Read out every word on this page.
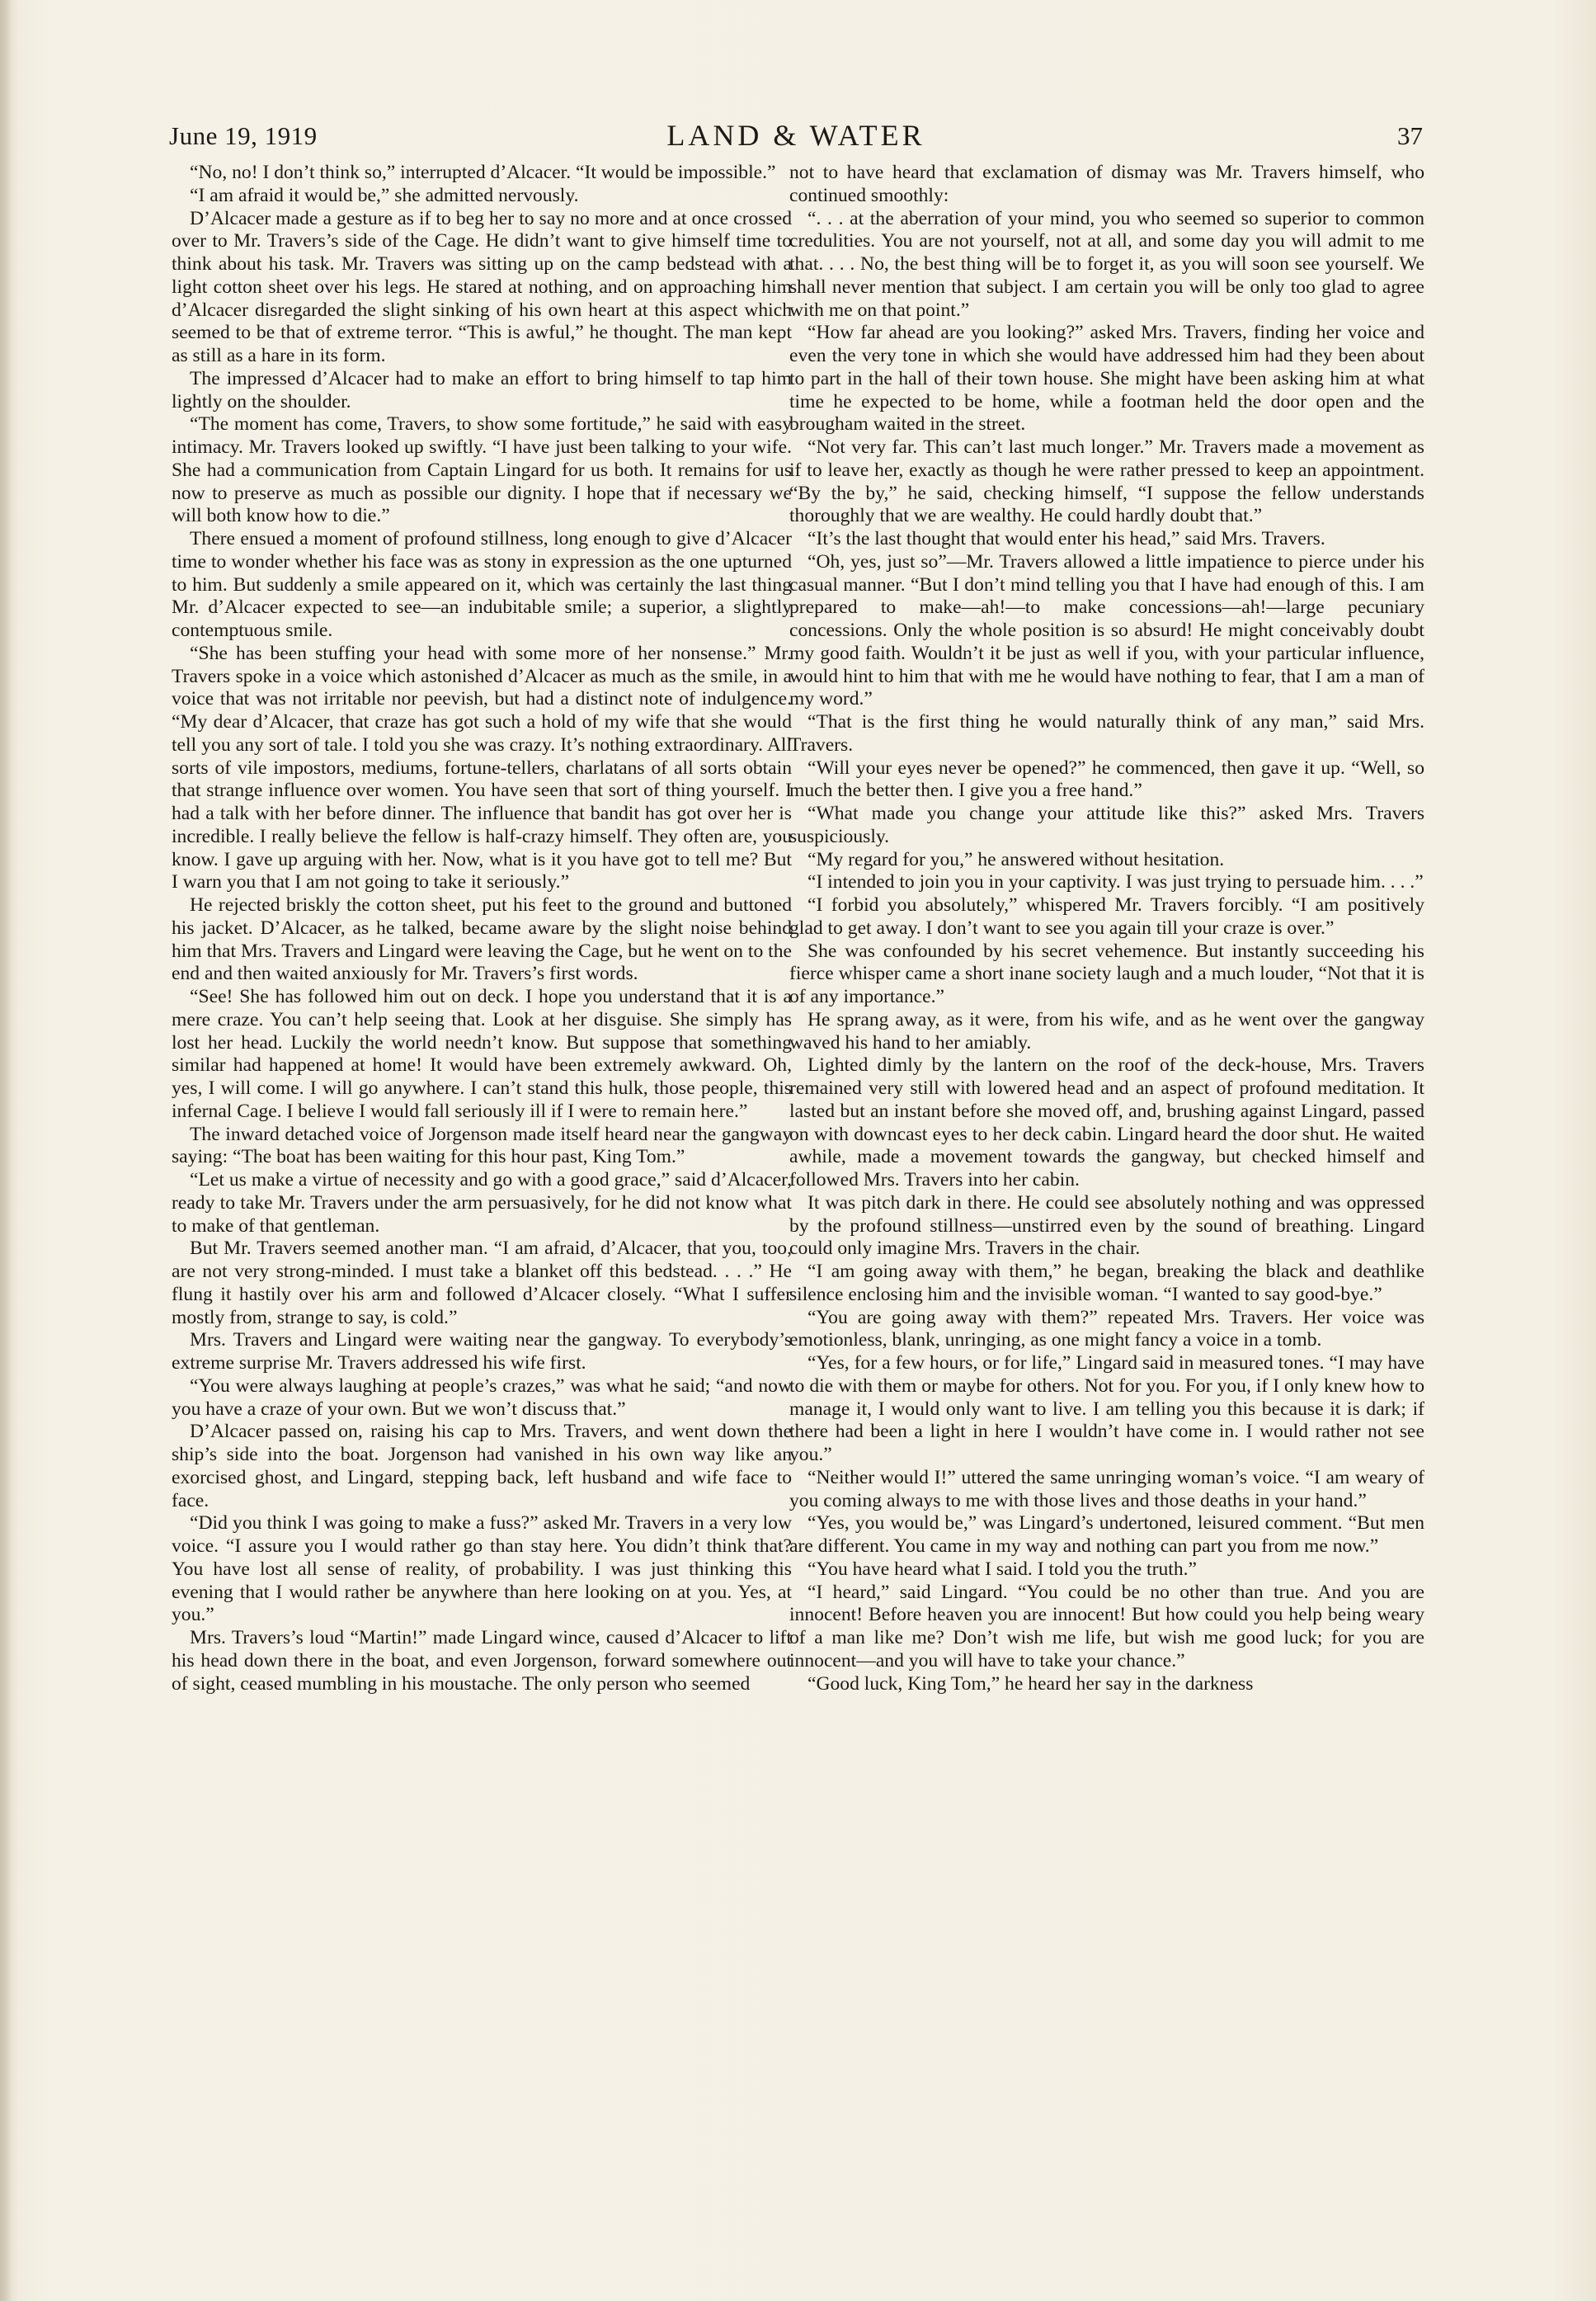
June 19, 1919	LAND & WATER	37

“No, no! I don’t think so,” interrupted d’Alcacer. “It would be impossible.”

“I am afraid it would be,” she admitted nervously.

D’Alcacer made a gesture as if to beg her to say no more and at once crossed over to Mr. Travers’s side of the Cage. He didn’t want to give himself time to think about his task. Mr. Travers was sitting up on the camp bedstead with a light cotton sheet over his legs. He stared at nothing, and on approaching him d’Alcacer disregarded the slight sinking of his own heart at this aspect which seemed to be that of extreme terror. “This is awful,” he thought. The man kept as still as a hare in its form.

The impressed d’Alcacer had to make an effort to bring himself to tap him lightly on the shoulder.

“The moment has come, Travers, to show some fortitude,” he said with easy intimacy. Mr. Travers looked up swiftly. “I have just been talking to your wife. She had a communication from Captain Lingard for us both. It remains for us now to preserve as much as possible our dignity. I hope that if necessary we will both know how to die.”

There ensued a moment of profound stillness, long enough to give d’Alcacer time to wonder whether his face was as stony in expression as the one upturned to him. But suddenly a smile appeared on it, which was certainly the last thing Mr. d’Alcacer expected to see—an indubitable smile; a superior, a slightly contemptuous smile.

“She has been stuffing your head with some more of her nonsense.” Mr. Travers spoke in a voice which astonished d’Alcacer as much as the smile, in a voice that was not irritable nor peevish, but had a distinct note of indulgence. “My dear d’Alcacer, that craze has got such a hold of my wife that she would tell you any sort of tale. I told you she was crazy. It’s nothing extraordinary. All sorts of vile impostors, mediums, fortune-tellers, charlatans of all sorts obtain that strange influence over women. You have seen that sort of thing yourself. I had a talk with her before dinner. The influence that bandit has got over her is incredible. I really believe the fellow is half-crazy himself. They often are, you know. I gave up arguing with her. Now, what is it you have got to tell me? But I warn you that I am not going to take it seriously.”

He rejected briskly the cotton sheet, put his feet to the ground and buttoned his jacket. D’Alcacer, as he talked, became aware by the slight noise behind him that Mrs. Travers and Lingard were leaving the Cage, but he went on to the end and then waited anxiously for Mr. Travers’s first words.

“See! She has followed him out on deck. I hope you understand that it is a mere craze. You can’t help seeing that. Look at her disguise. She simply has lost her head. Luckily the world needn’t know. But suppose that something similar had happened at home! It would have been extremely awkward. Oh, yes, I will come. I will go anywhere. I can’t stand this hulk, those people, this infernal Cage. I believe I would fall seriously ill if I were to remain here.”

The inward detached voice of Jorgenson made itself heard near the gangway saying: “The boat has been waiting for this hour past, King Tom.”

“Let us make a virtue of necessity and go with a good grace,” said d’Alcacer, ready to take Mr. Travers under the arm persuasively, for he did not know what to make of that gentleman.

But Mr. Travers seemed another man. “I am afraid, d’Alcacer, that you, too, are not very strong-minded. I must take a blanket off this bedstead. . . .” He flung it hastily over his arm and followed d’Alcacer closely. “What I suffer mostly from, strange to say, is cold.”

Mrs. Travers and Lingard were waiting near the gangway. To everybody’s extreme surprise Mr. Travers addressed his wife first.

“You were always laughing at people’s crazes,” was what he said; “and now you have a craze of your own. But we won’t discuss that.”

D’Alcacer passed on, raising his cap to Mrs. Travers, and went down the ship’s side into the boat. Jorgenson had vanished in his own way like an exorcised ghost, and Lingard, stepping back, left husband and wife face to face.

“Did you think I was going to make a fuss?” asked Mr. Travers in a very low voice. “I assure you I would rather go than stay here. You didn’t think that? You have lost all sense of reality, of probability. I was just thinking this evening that I would rather be anywhere than here looking on at you. Yes, at you.”

Mrs. Travers’s loud “Martin!” made Lingard wince, caused d’Alcacer to lift his head down there in the boat, and even Jorgenson, forward somewhere out of sight, ceased mumbling in his moustache. The only person who seemed

not to have heard that exclamation of dismay was Mr. Travers himself, who continued smoothly:

“. . . at the aberration of your mind, you who seemed so superior to common credulities. You are not yourself, not at all, and some day you will admit to me that. . . . No, the best thing will be to forget it, as you will soon see yourself. We shall never mention that subject. I am certain you will be only too glad to agree with me on that point.”

“How far ahead are you looking?” asked Mrs. Travers, finding her voice and even the very tone in which she would have addressed him had they been about to part in the hall of their town house. She might have been asking him at what time he expected to be home, while a footman held the door open and the brougham waited in the street.

“Not very far. This can’t last much longer.” Mr. Travers made a movement as if to leave her, exactly as though he were rather pressed to keep an appointment. “By the by,” he said, checking himself, “I suppose the fellow understands thoroughly that we are wealthy. He could hardly doubt that.”

“It’s the last thought that would enter his head,” said Mrs. Travers.

“Oh, yes, just so”—Mr. Travers allowed a little impatience to pierce under his casual manner. “But I don’t mind telling you that I have had enough of this. I am prepared to make—ah!—to make concessions—ah!—large pecuniary concessions. Only the whole position is so absurd! He might conceivably doubt my good faith. Wouldn’t it be just as well if you, with your particular influence, would hint to him that with me he would have nothing to fear, that I am a man of my word.”

“That is the first thing he would naturally think of any man,” said Mrs. Travers.

“Will your eyes never be opened?” he commenced, then gave it up. “Well, so much the better then. I give you a free hand.”

“What made you change your attitude like this?” asked Mrs. Travers suspiciously.

“My regard for you,” he answered without hesitation.

“I intended to join you in your captivity. I was just trying to persuade him. . . .”

“I forbid you absolutely,” whispered Mr. Travers forcibly. “I am positively glad to get away. I don’t want to see you again till your craze is over.”

She was confounded by his secret vehemence. But instantly succeeding his fierce whisper came a short inane society laugh and a much louder, “Not that it is of any importance.”

He sprang away, as it were, from his wife, and as he went over the gangway waved his hand to her amiably.

Lighted dimly by the lantern on the roof of the deck-house, Mrs. Travers remained very still with lowered head and an aspect of profound meditation. It lasted but an instant before she moved off, and, brushing against Lingard, passed on with downcast eyes to her deck cabin. Lingard heard the door shut. He waited awhile, made a movement towards the gangway, but checked himself and followed Mrs. Travers into her cabin.

It was pitch dark in there. He could see absolutely nothing and was oppressed by the profound stillness—unstirred even by the sound of breathing. Lingard could only imagine Mrs. Travers in the chair.

“I am going away with them,” he began, breaking the black and deathlike silence enclosing him and the invisible woman. “I wanted to say good-bye.”

“You are going away with them?” repeated Mrs. Travers. Her voice was emotionless, blank, unringing, as one might fancy a voice in a tomb.

“Yes, for a few hours, or for life,” Lingard said in measured tones. “I may have to die with them or maybe for others. Not for you. For you, if I only knew how to manage it, I would only want to live. I am telling you this because it is dark; if there had been a light in here I wouldn’t have come in. I would rather not see you.”

“Neither would I!” uttered the same unringing woman’s voice. “I am weary of you coming always to me with those lives and those deaths in your hand.”

“Yes, you would be,” was Lingard’s undertoned, leisured comment. “But men are different. You came in my way and nothing can part you from me now.”

“You have heard what I said. I told you the truth.”

“I heard,” said Lingard. “You could be no other than true. And you are innocent! Before heaven you are innocent! But how could you help being weary of a man like me? Don’t wish me life, but wish me good luck; for you are innocent—and you will have to take your chance.”

“Good luck, King Tom,” he heard her say in the darkness
